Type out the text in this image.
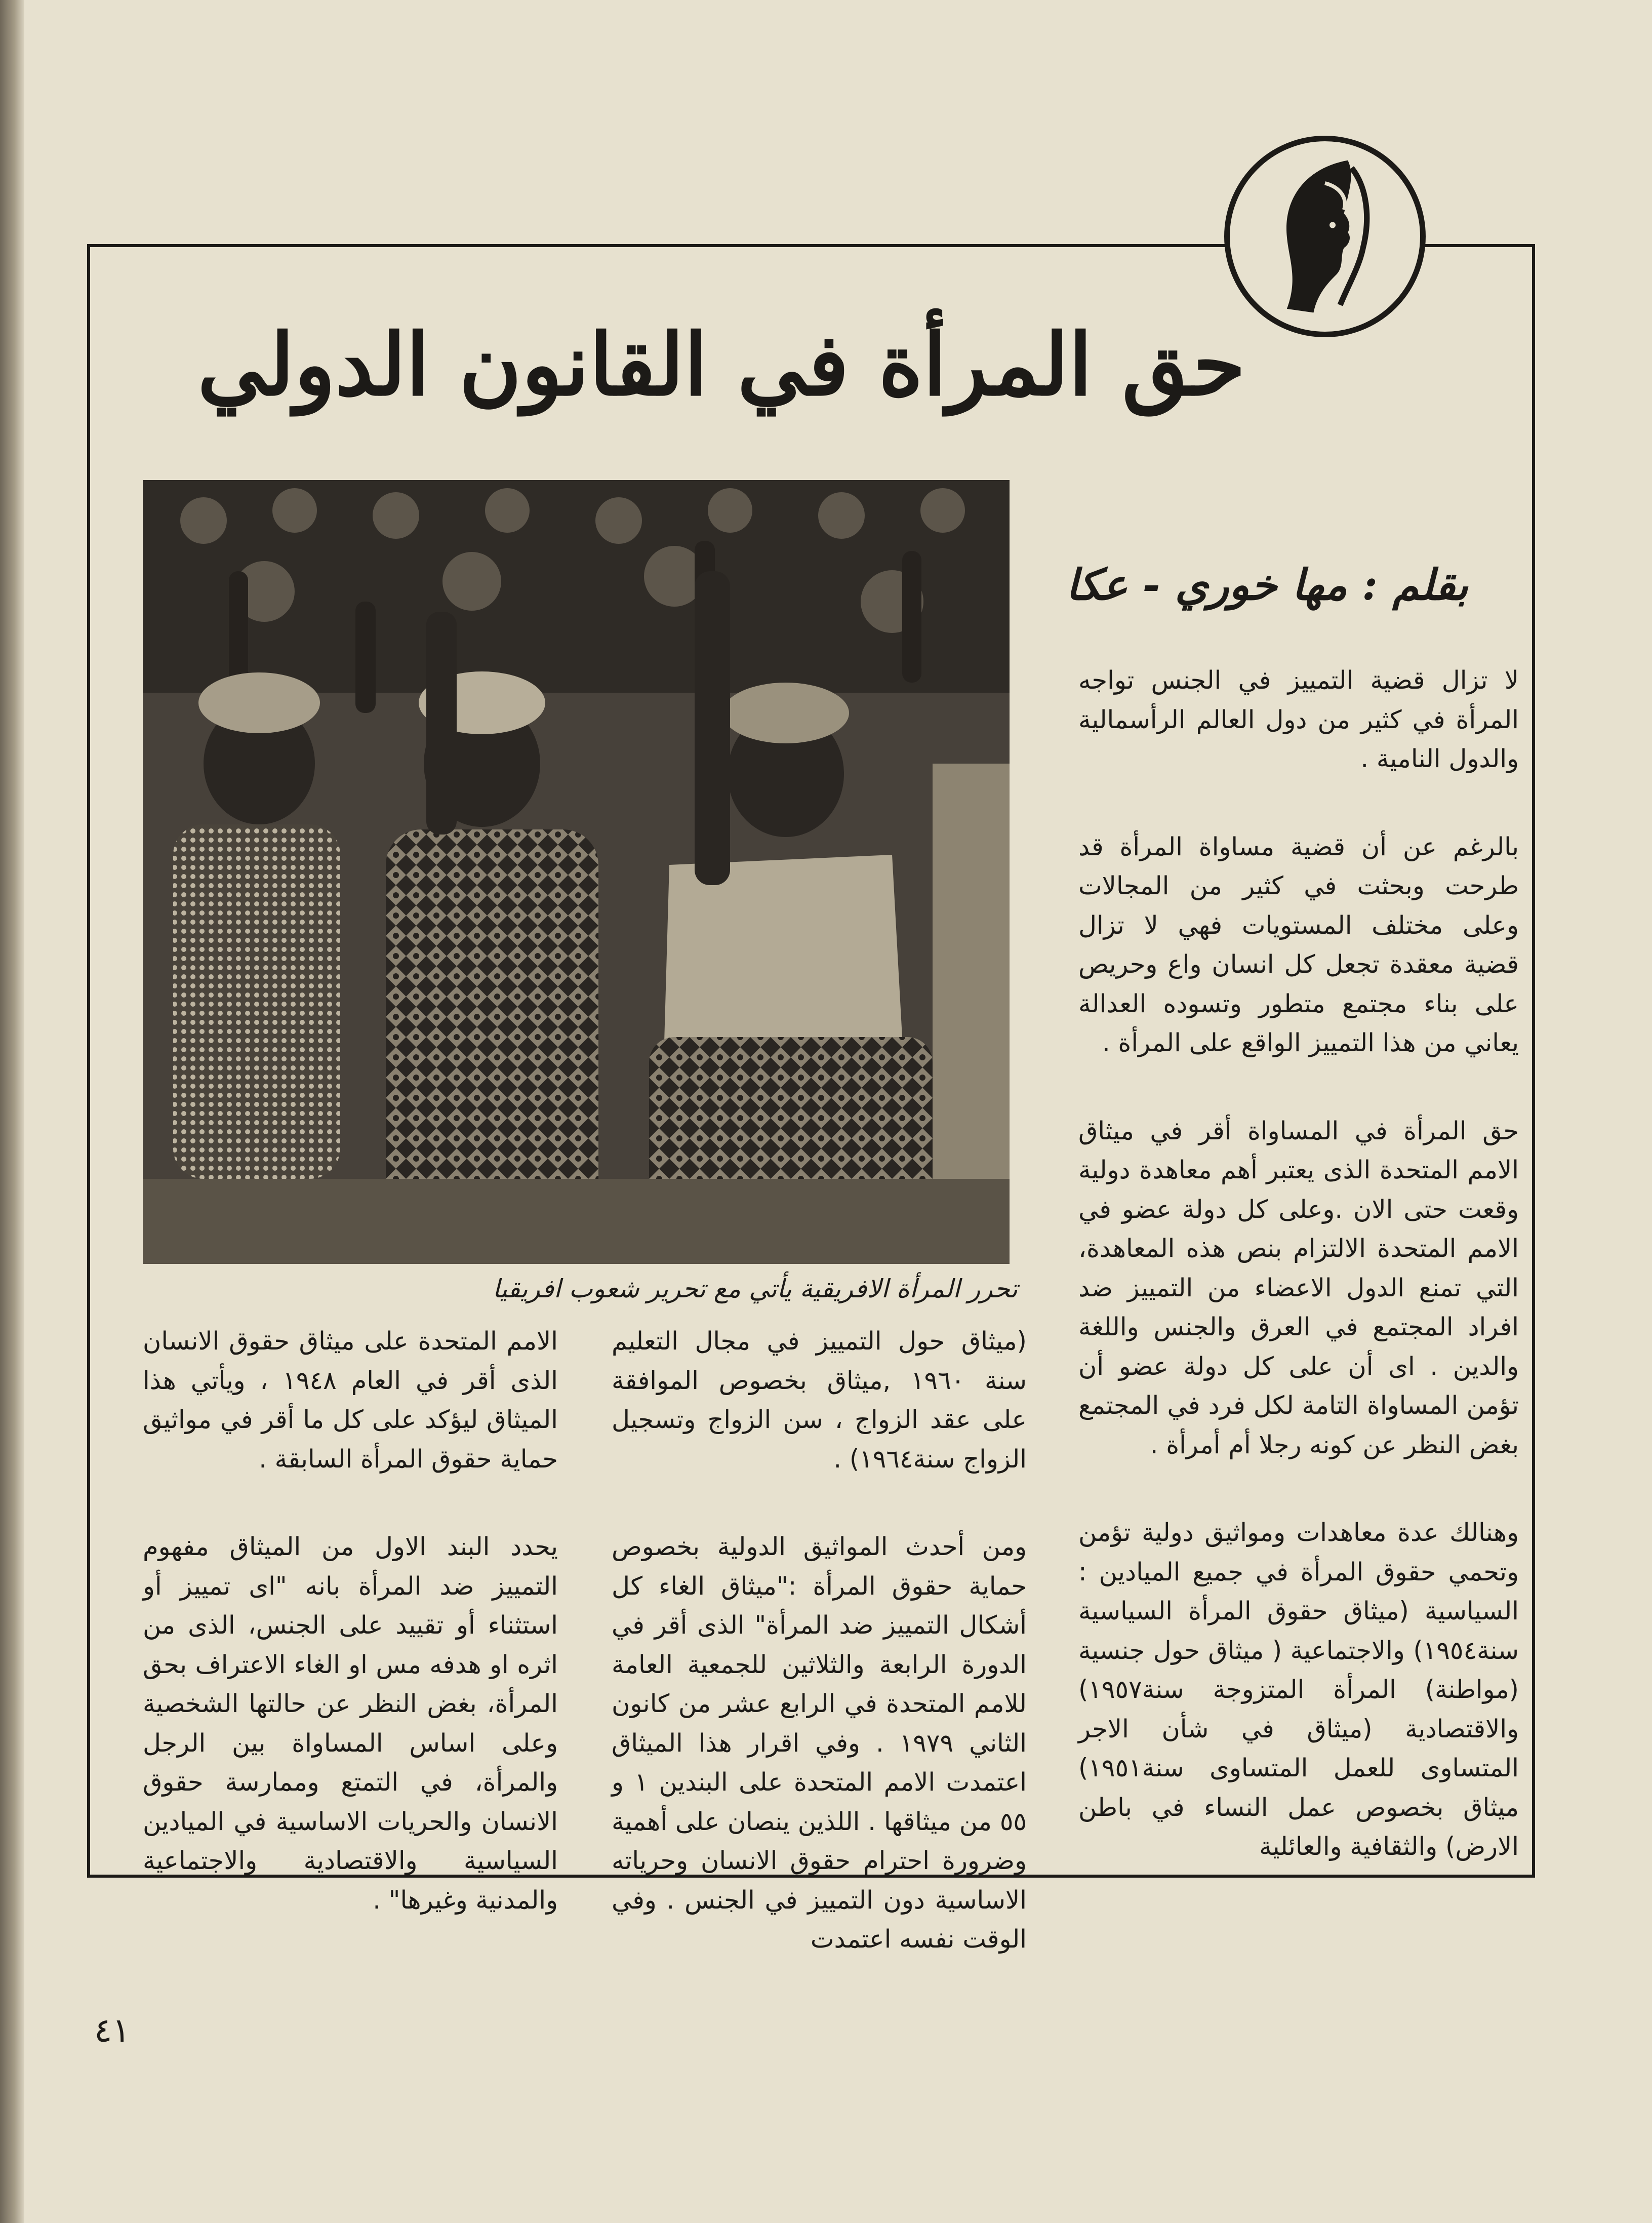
حق المرأة في القانون الدولي
بقلم : مها خوري - عكا

تحرر المرأة الافريقية يأتي مع تحرير شعوب افريقيا

لا تزال قضية التمييز في الجنس تواجه المرأة في كثير من دول العالم الرأسمالية والدول النامية .

بالرغم عن أن قضية مساواة المرأة قد طرحت وبحثت في كثير من المجالات وعلى مختلف المستويات فهي لا تزال قضية معقدة تجعل كل انسان واع وحريص على بناء مجتمع متطور وتسوده العدالة يعاني من هذا التمييز الواقع على المرأة .

حق المرأة في المساواة أقر في ميثاق الامم المتحدة الذى يعتبر أهم معاهدة دولية وقعت حتى الان .وعلى كل دولة عضو في الامم المتحدة الالتزام بنص هذه المعاهدة، التي تمنع الدول الاعضاء من التمييز ضد افراد المجتمع في العرق والجنس واللغة والدين . اى أن على كل دولة عضو أن تؤمن المساواة التامة لكل فرد في المجتمع بغض النظر عن كونه رجلا أم أمرأة .

وهنالك عدة معاهدات ومواثيق دولية تؤمن وتحمي حقوق المرأة في جميع الميادين : السياسية (ميثاق حقوق المرأة السياسية سنة١٩٥٤) والاجتماعية ( ميثاق حول جنسية (مواطنة) المرأة المتزوجة سنة١٩٥٧) والاقتصادية (ميثاق في شأن الاجر المتساوى للعمل المتساوى سنة١٩٥١) ميثاق بخصوص عمل النساء في باطن الارض) والثقافية والعائلية

(ميثاق حول التمييز في مجال التعليم سنة ١٩٦٠ ,ميثاق بخصوص الموافقة على عقد الزواج ، سن الزواج وتسجيل الزواج سنة١٩٦٤) .

ومن أحدث المواثيق الدولية بخصوص حماية حقوق المرأة :"ميثاق الغاء كل أشكال التمييز ضد المرأة" الذى أقر في الدورة الرابعة والثلاثين للجمعية العامة للامم المتحدة في الرابع عشر من كانون الثاني ١٩٧٩ . وفي اقرار هذا الميثاق اعتمدت الامم المتحدة على البندين ١ و ٥٥ من ميثاقها . اللذين ينصان على أهمية وضرورة احترام حقوق الانسان وحرياته الاساسية دون التمييز في الجنس . وفي الوقت نفسه اعتمدت

الامم المتحدة على ميثاق حقوق الانسان الذى أقر في العام ١٩٤٨ ، ويأتي هذا الميثاق ليؤكد على كل ما أقر في مواثيق حماية حقوق المرأة السابقة .

يحدد البند الاول من الميثاق مفهوم التمييز ضد المرأة بانه "اى تمييز أو استثناء أو تقييد على الجنس، الذى من اثره او هدفه مس او الغاء الاعتراف بحق المرأة، بغض النظر عن حالتها الشخصية وعلى اساس المساواة بين الرجل والمرأة، في التمتع وممارسة حقوق الانسان والحريات الاساسية في الميادين السياسية والاقتصادية والاجتماعية والمدنية وغيرها" .

٤١
